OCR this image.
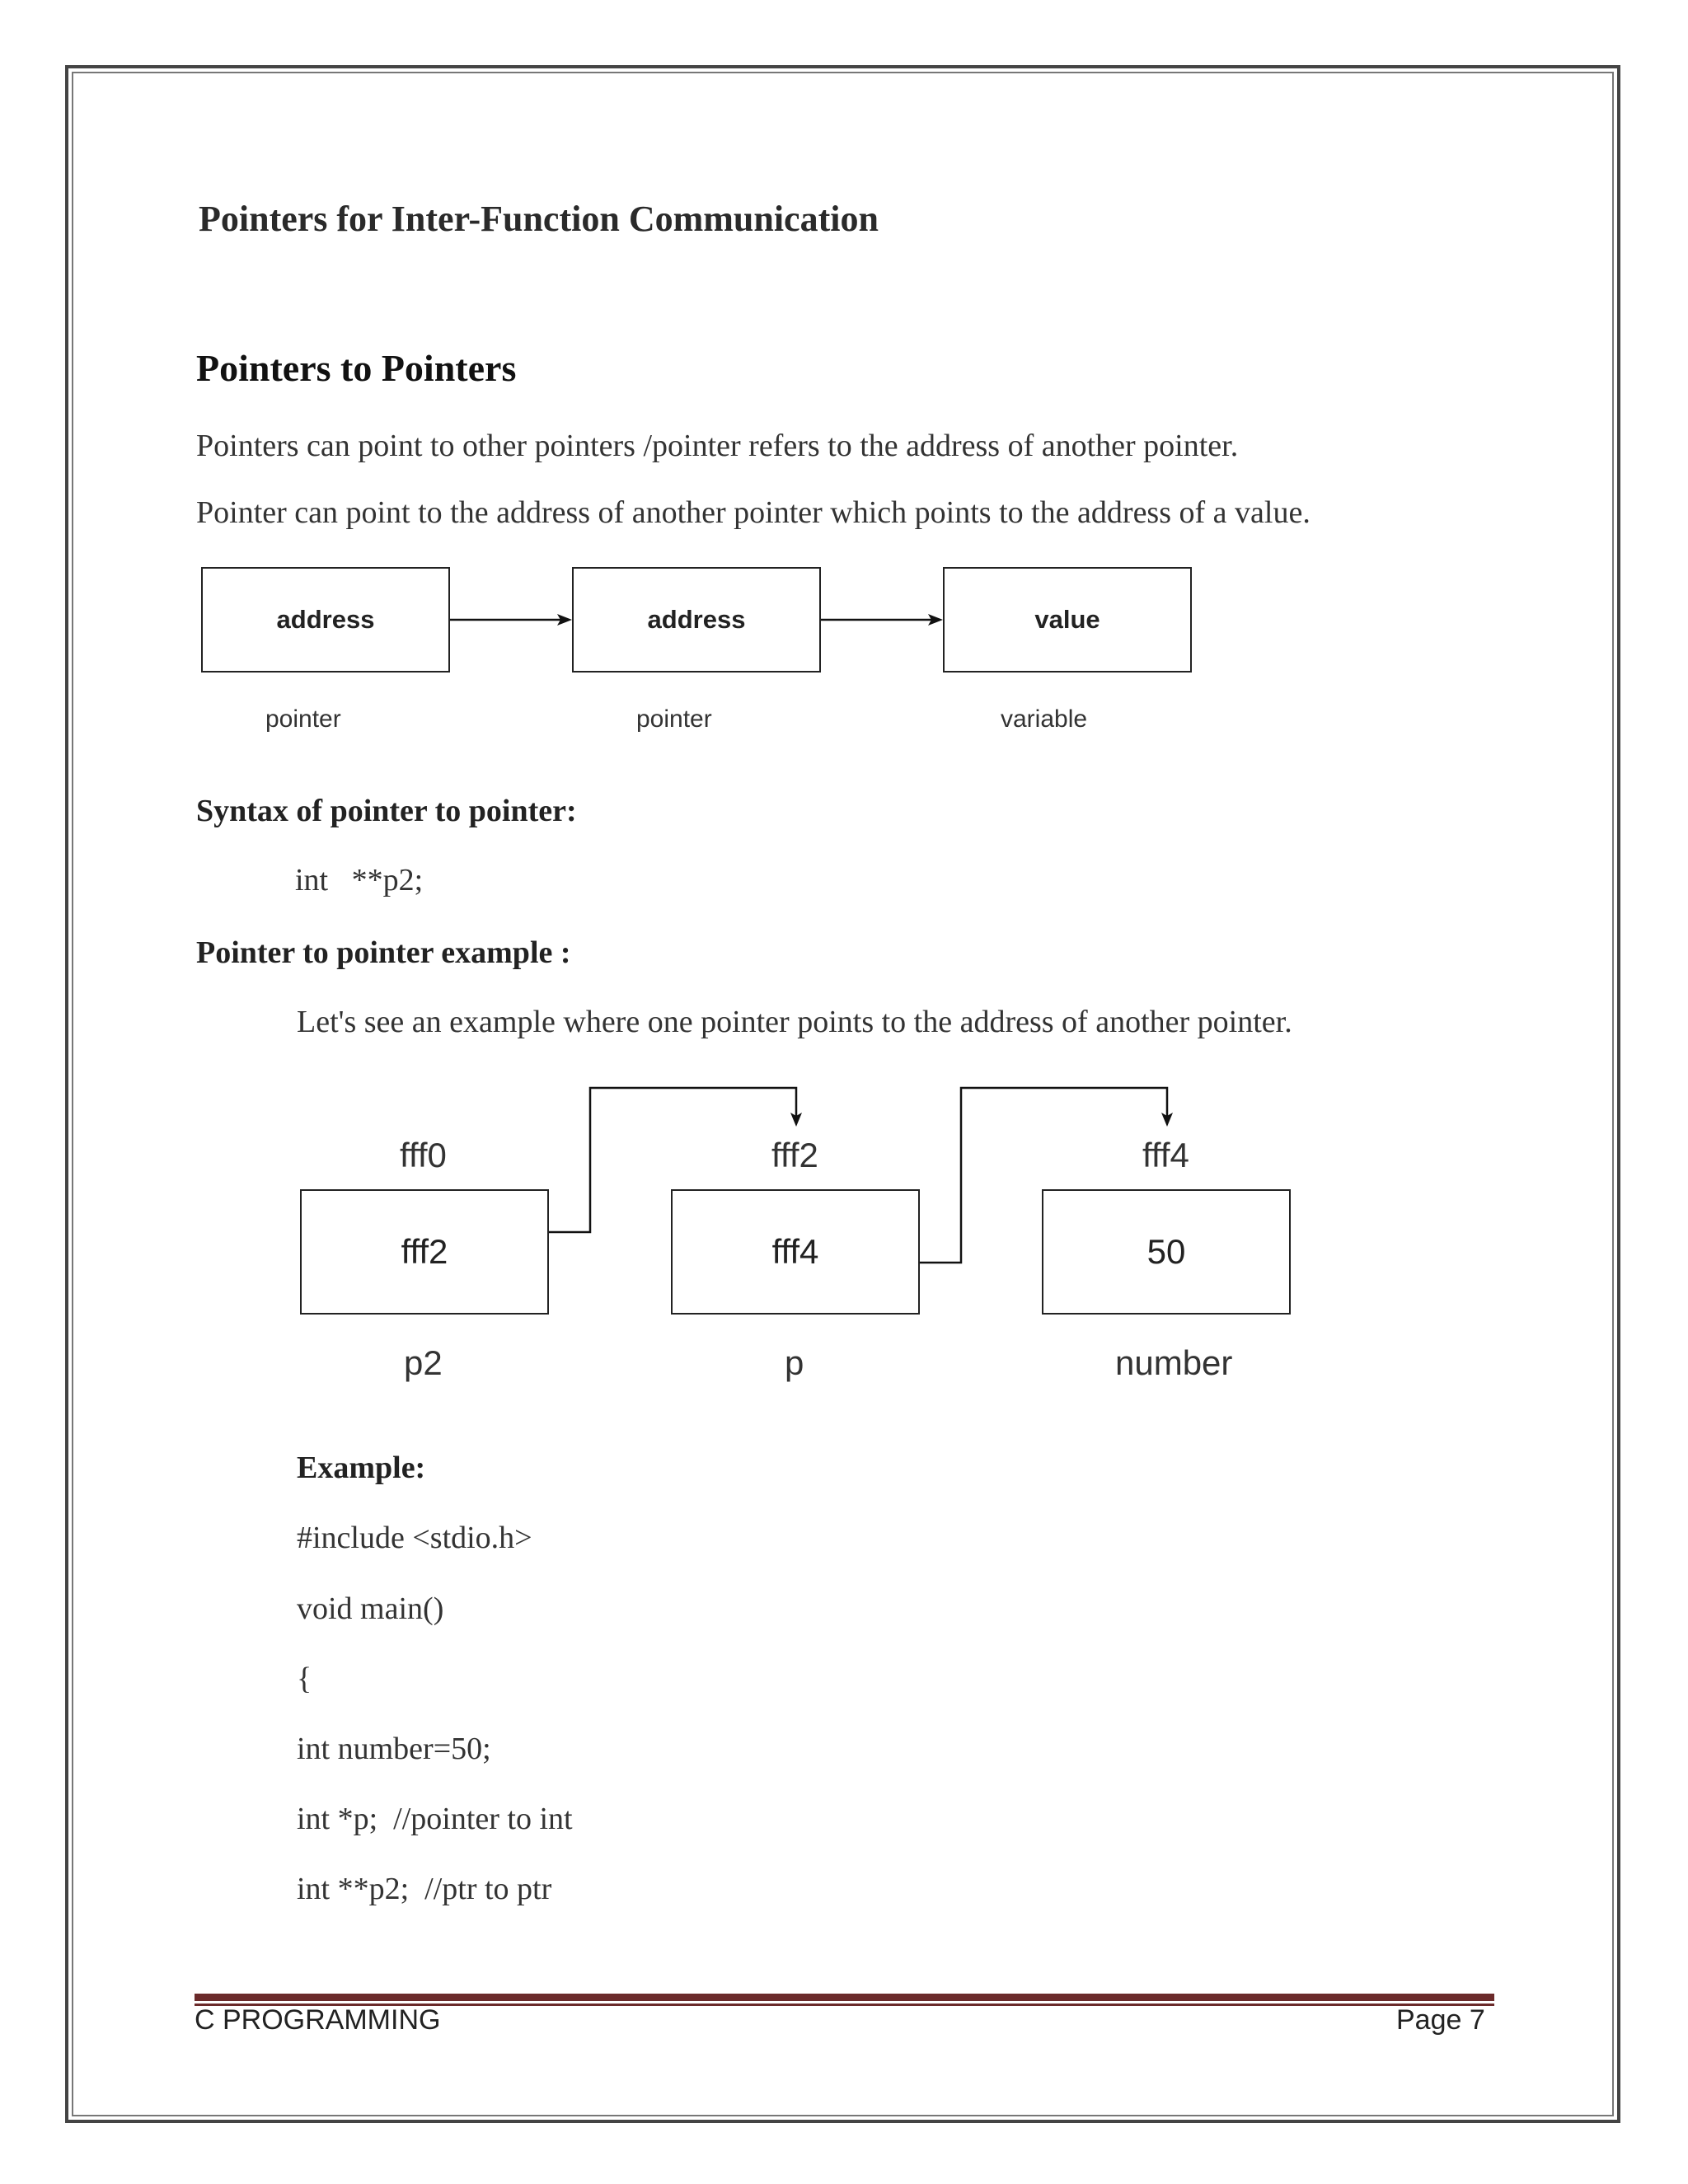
Pointers for Inter-Function Communication
Pointers to Pointers
Pointers can point to other pointers /pointer refers to the address of another pointer.
Pointer can point to the address of another pointer which points to the address of a value.
address	address	value
pointer	pointer	variable
Syntax of pointer to pointer:
int   **p2;
Pointer to pointer example :
Let's see an example where one pointer points to the address of another pointer.
fff0	fff2	fff4
fff2	fff4	50
p2	p	number
Example:
#include <stdio.h>
void main()
{
int number=50;
int *p;  //pointer to int
int **p2;  //ptr to ptr
C PROGRAMMING	Page 7
